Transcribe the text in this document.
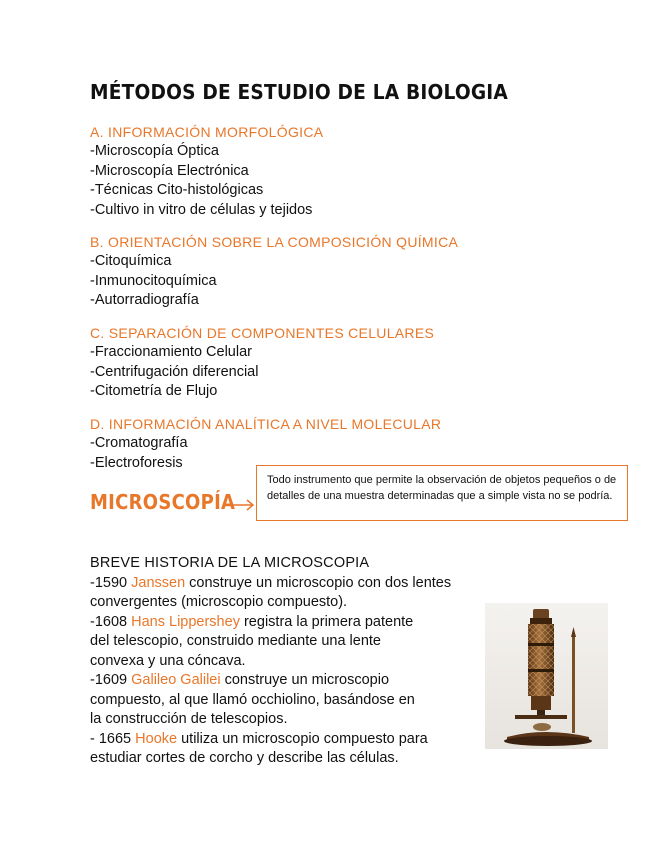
MÉTODOS DE ESTUDIO DE LA BIOLOGIA

A. INFORMACIÓN MORFOLÓGICA

-Microscopía Óptica

-Microscopía Electrónica

-Técnicas Cito-histológicas

-Cultivo in vitro de células y tejidos

B. ORIENTACIÓN SOBRE LA COMPOSICIÓN QUÍMICA

-Citoquímica

-Inmunocitoquímica

-Autorradiografía

C. SEPARACIÓN DE COMPONENTES CELULARES

-Fraccionamiento Celular

-Centrifugación diferencial

-Citometría de Flujo

D. INFORMACIÓN ANALÍTICA A NIVEL MOLECULAR

-Cromatografía

-Electroforesis

MICROSCOPÍA

Todo instrumento que permite la observación de objetos pequeños o de detalles de una muestra determinadas que a simple vista no se podría.

BREVE HISTORIA DE LA MICROSCOPIA

-1590 Janssen construye un microscopio con dos lentes

convergentes (microscopio compuesto).

-1608 Hans Lippershey registra la primera patente

del telescopio, construido mediante una lente

convexa y una cóncava.

-1609 Galileo Galilei construye un microscopio

compuesto, al que llamó occhiolino, basándose en

la construcción de telescopios.

- 1665 Hooke utiliza un microscopio compuesto para

estudiar cortes de corcho y describe las células.
